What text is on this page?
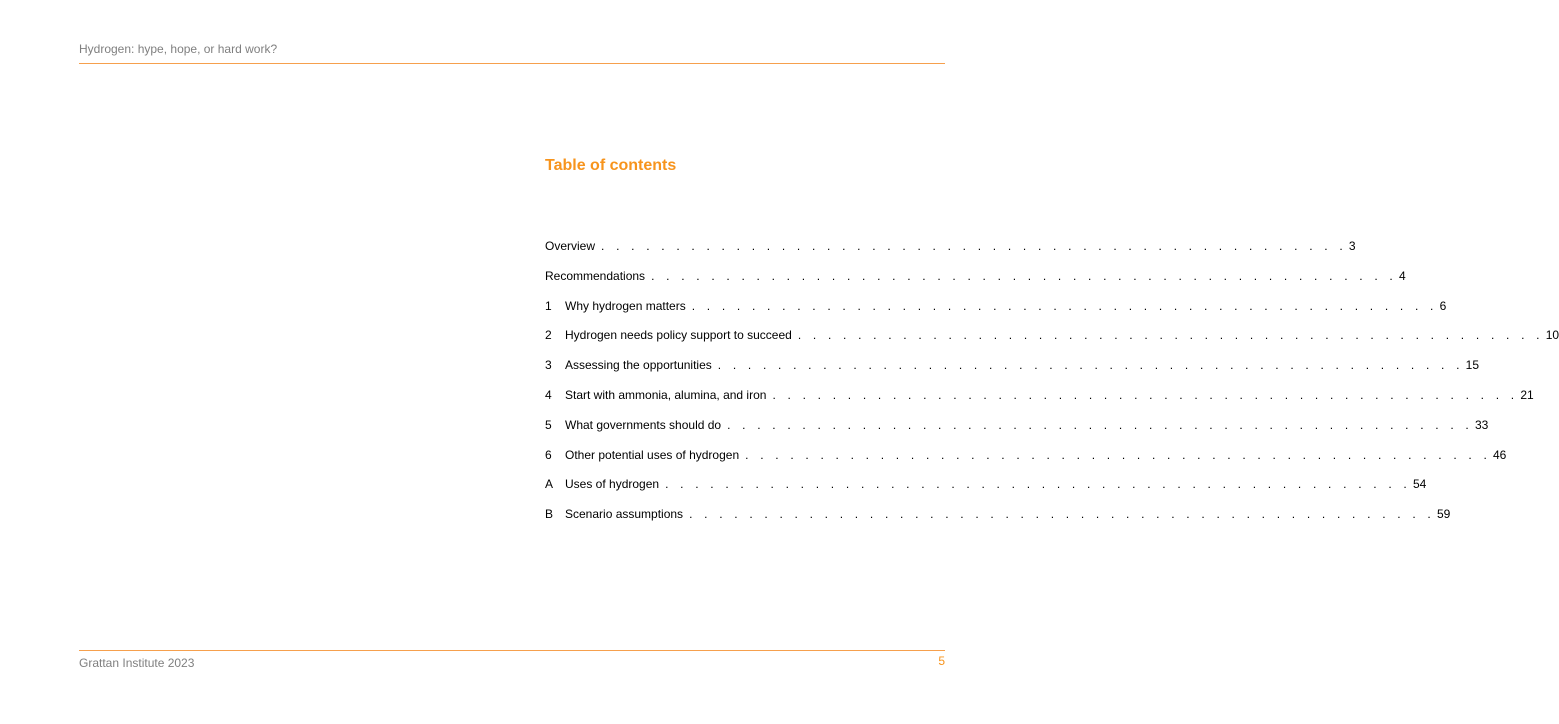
Hydrogen: hype, hope, or hard work?
Table of contents
Overview . . . . . . . . . . . . . . . . . . . . . . . . . . . . . . . . . . . . . . . . . . . . . . . . . . 3
Recommendations . . . . . . . . . . . . . . . . . . . . . . . . . . . . . . . . . . . . . . . . . . . . . . . . . . 4
1	Why hydrogen matters . . . . . . . . . . . . . . . . . . . . . . . . . . . . . . . . . . . . . . . . . . . . . . . . . . 6
2	Hydrogen needs policy support to succeed . . . . . . . . . . . . . . . . . . . . . . . . . . . . . . . . . . . . . . . . . . . . . . . . . . 10
3	Assessing the opportunities . . . . . . . . . . . . . . . . . . . . . . . . . . . . . . . . . . . . . . . . . . . . . . . . . . 15
4	Start with ammonia, alumina, and iron . . . . . . . . . . . . . . . . . . . . . . . . . . . . . . . . . . . . . . . . . . . . . . . . . . 21
5	What governments should do . . . . . . . . . . . . . . . . . . . . . . . . . . . . . . . . . . . . . . . . . . . . . . . . . . 33
6	Other potential uses of hydrogen . . . . . . . . . . . . . . . . . . . . . . . . . . . . . . . . . . . . . . . . . . . . . . . . . . 46
A Uses of hydrogen . . . . . . . . . . . . . . . . . . . . . . . . . . . . . . . . . . . . . . . . . . . . . . . . . . 54
B Scenario assumptions . . . . . . . . . . . . . . . . . . . . . . . . . . . . . . . . . . . . . . . . . . . . . . . . . . 59
Grattan Institute 2023	5
